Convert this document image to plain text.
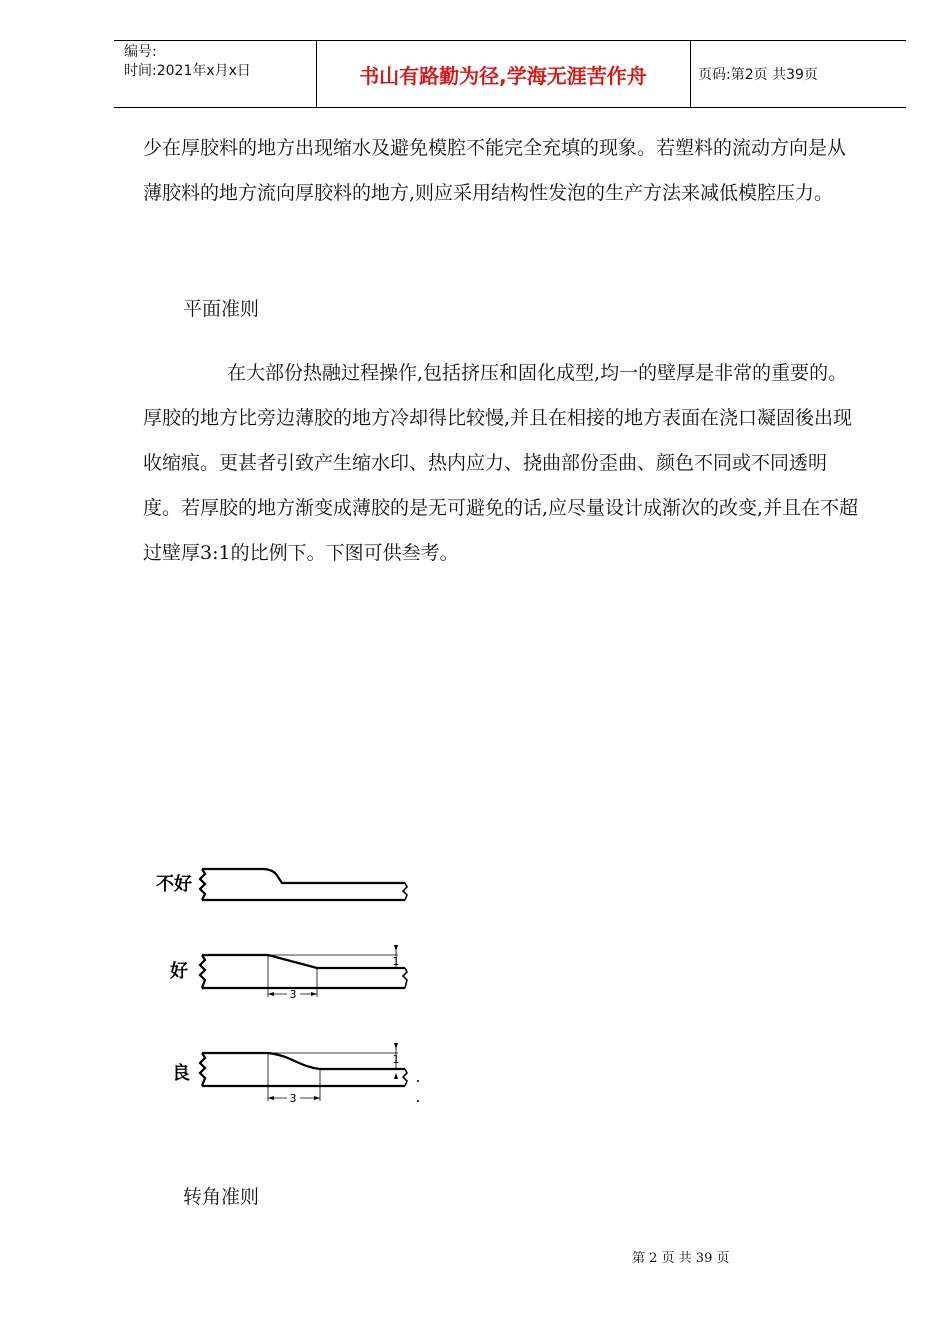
编号:
时间:2021年x月x日	书山有路勤为径,学海无涯苦作舟	页码:第2页 共39页

少在厚胶料的地方出现缩水及避免模腔不能完全充填的现象。若塑料的流动方向是从薄胶料的地方流向厚胶料的地方,则应采用结构性发泡的生产方法来减低模腔压力。

平面准则

在大部份热融过程操作,包括挤压和固化成型,均一的壁厚是非常的重要的。厚胶的地方比旁边薄胶的地方冷却得比较慢,并且在相接的地方表面在浇口凝固後出现收缩痕。更甚者引致产生缩水印、热内应力、挠曲部份歪曲、颜色不同或不同透明度。若厚胶的地方渐变成薄胶的是无可避免的话,应尽量设计成渐次的改变,并且在不超过壁厚3:1的比例下。下图可供叁考。

不好
好
良
3
1
3
1

转角准则

第 2 页 共 39 页
